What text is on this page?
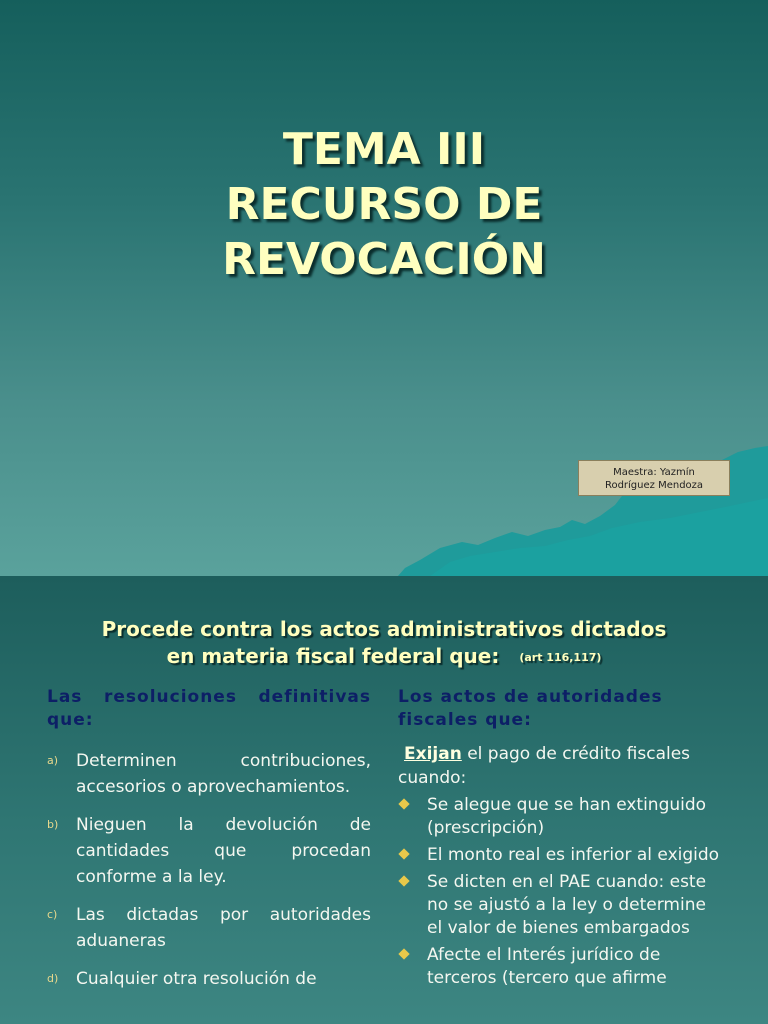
TEMA III
RECURSO DE
REVOCACIÓN
Maestra: Yazmín
Rodríguez Mendoza
Procede contra los actos administrativos dictados
en materia fiscal federal que: (art 116,117)
Las resoluciones definitivas que:
a) Determinen contribuciones, accesorios o aprovechamientos.
b) Nieguen la devolución de cantidades que procedan conforme a la ley.
c) Las dictadas por autoridades aduaneras
d) Cualquier otra resolución de
Los actos de autoridades fiscales que:
Exijan el pago de crédito fiscales cuando:
Se alegue que se han extinguido (prescripción)
El monto real es inferior al exigido
Se dicten en el PAE cuando: este no se ajustó a la ley o determine el valor de bienes embargados
Afecte el Interés jurídico de terceros (tercero que afirme
